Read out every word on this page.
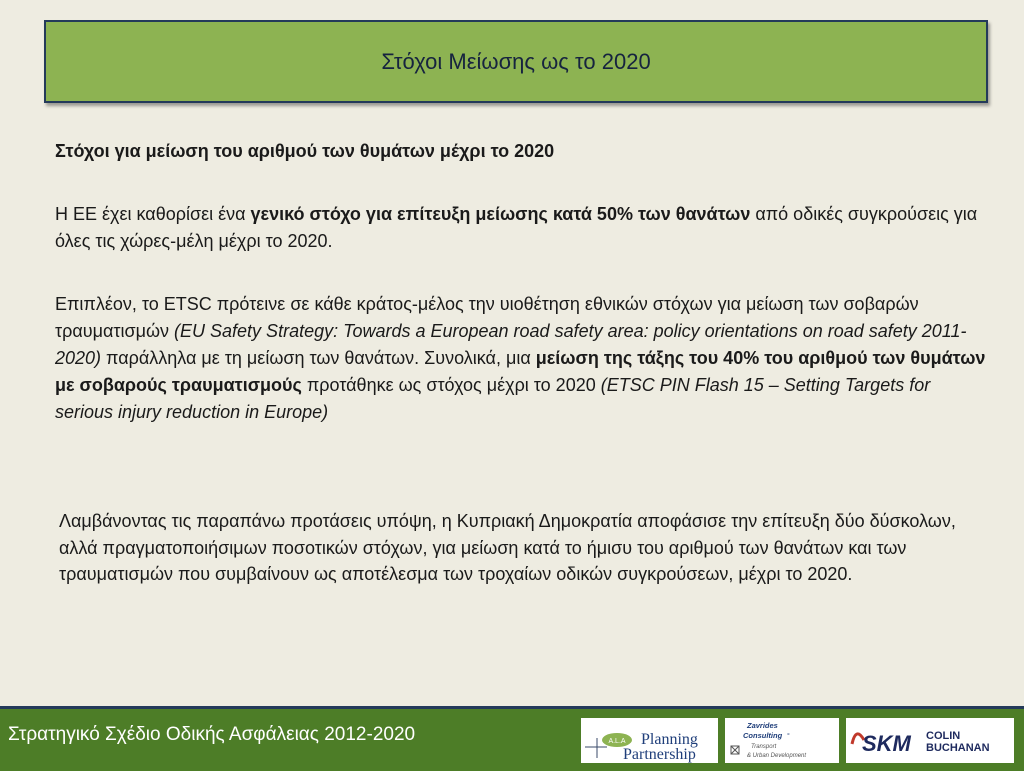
Στόχοι Μείωσης ως το 2020
Στόχοι για μείωση του αριθμού των θυμάτων μέχρι το 2020

Η ΕΕ έχει καθορίσει ένα γενικό στόχο για επίτευξη μείωσης κατά 50% των θανάτων από οδικές συγκρούσεις για όλες τις χώρες-μέλη μέχρι το 2020.

Επιπλέον, το ETSC πρότεινε σε κάθε κράτος-μέλος την υιοθέτηση εθνικών στόχων για μείωση των σοβαρών τραυματισμών (EU Safety Strategy: Towards a European road safety area: policy orientations on road safety 2011-2020) παράλληλα με τη μείωση των θανάτων. Συνολικά, μια μείωση της τάξης του 40% του αριθμού των θυμάτων με σοβαρούς τραυματισμούς προτάθηκε ως στόχος μέχρι το 2020 (ETSC PIN Flash 15 – Setting Targets for serious injury reduction in Europe)

Λαμβάνοντας τις παραπάνω προτάσεις υπόψη, η Κυπριακή Δημοκρατία αποφάσισε την επίτευξη δύο δύσκολων, αλλά πραγματοποιήσιμων ποσοτικών στόχων, για μείωση κατά το ήμισυ του αριθμού των θανάτων και των τραυματισμών που συμβαίνουν ως αποτέλεσμα των τροχαίων οδικών συγκρούσεων, μέχρι το 2020.

Στρατηγικό Σχέδιο Οδικής Ασφάλειας 2012-2020	A.L.A Planning
Partnership
Zavrides
Consulting °
Transport
& Urban Development	SKM COLIN
BUCHANAN
